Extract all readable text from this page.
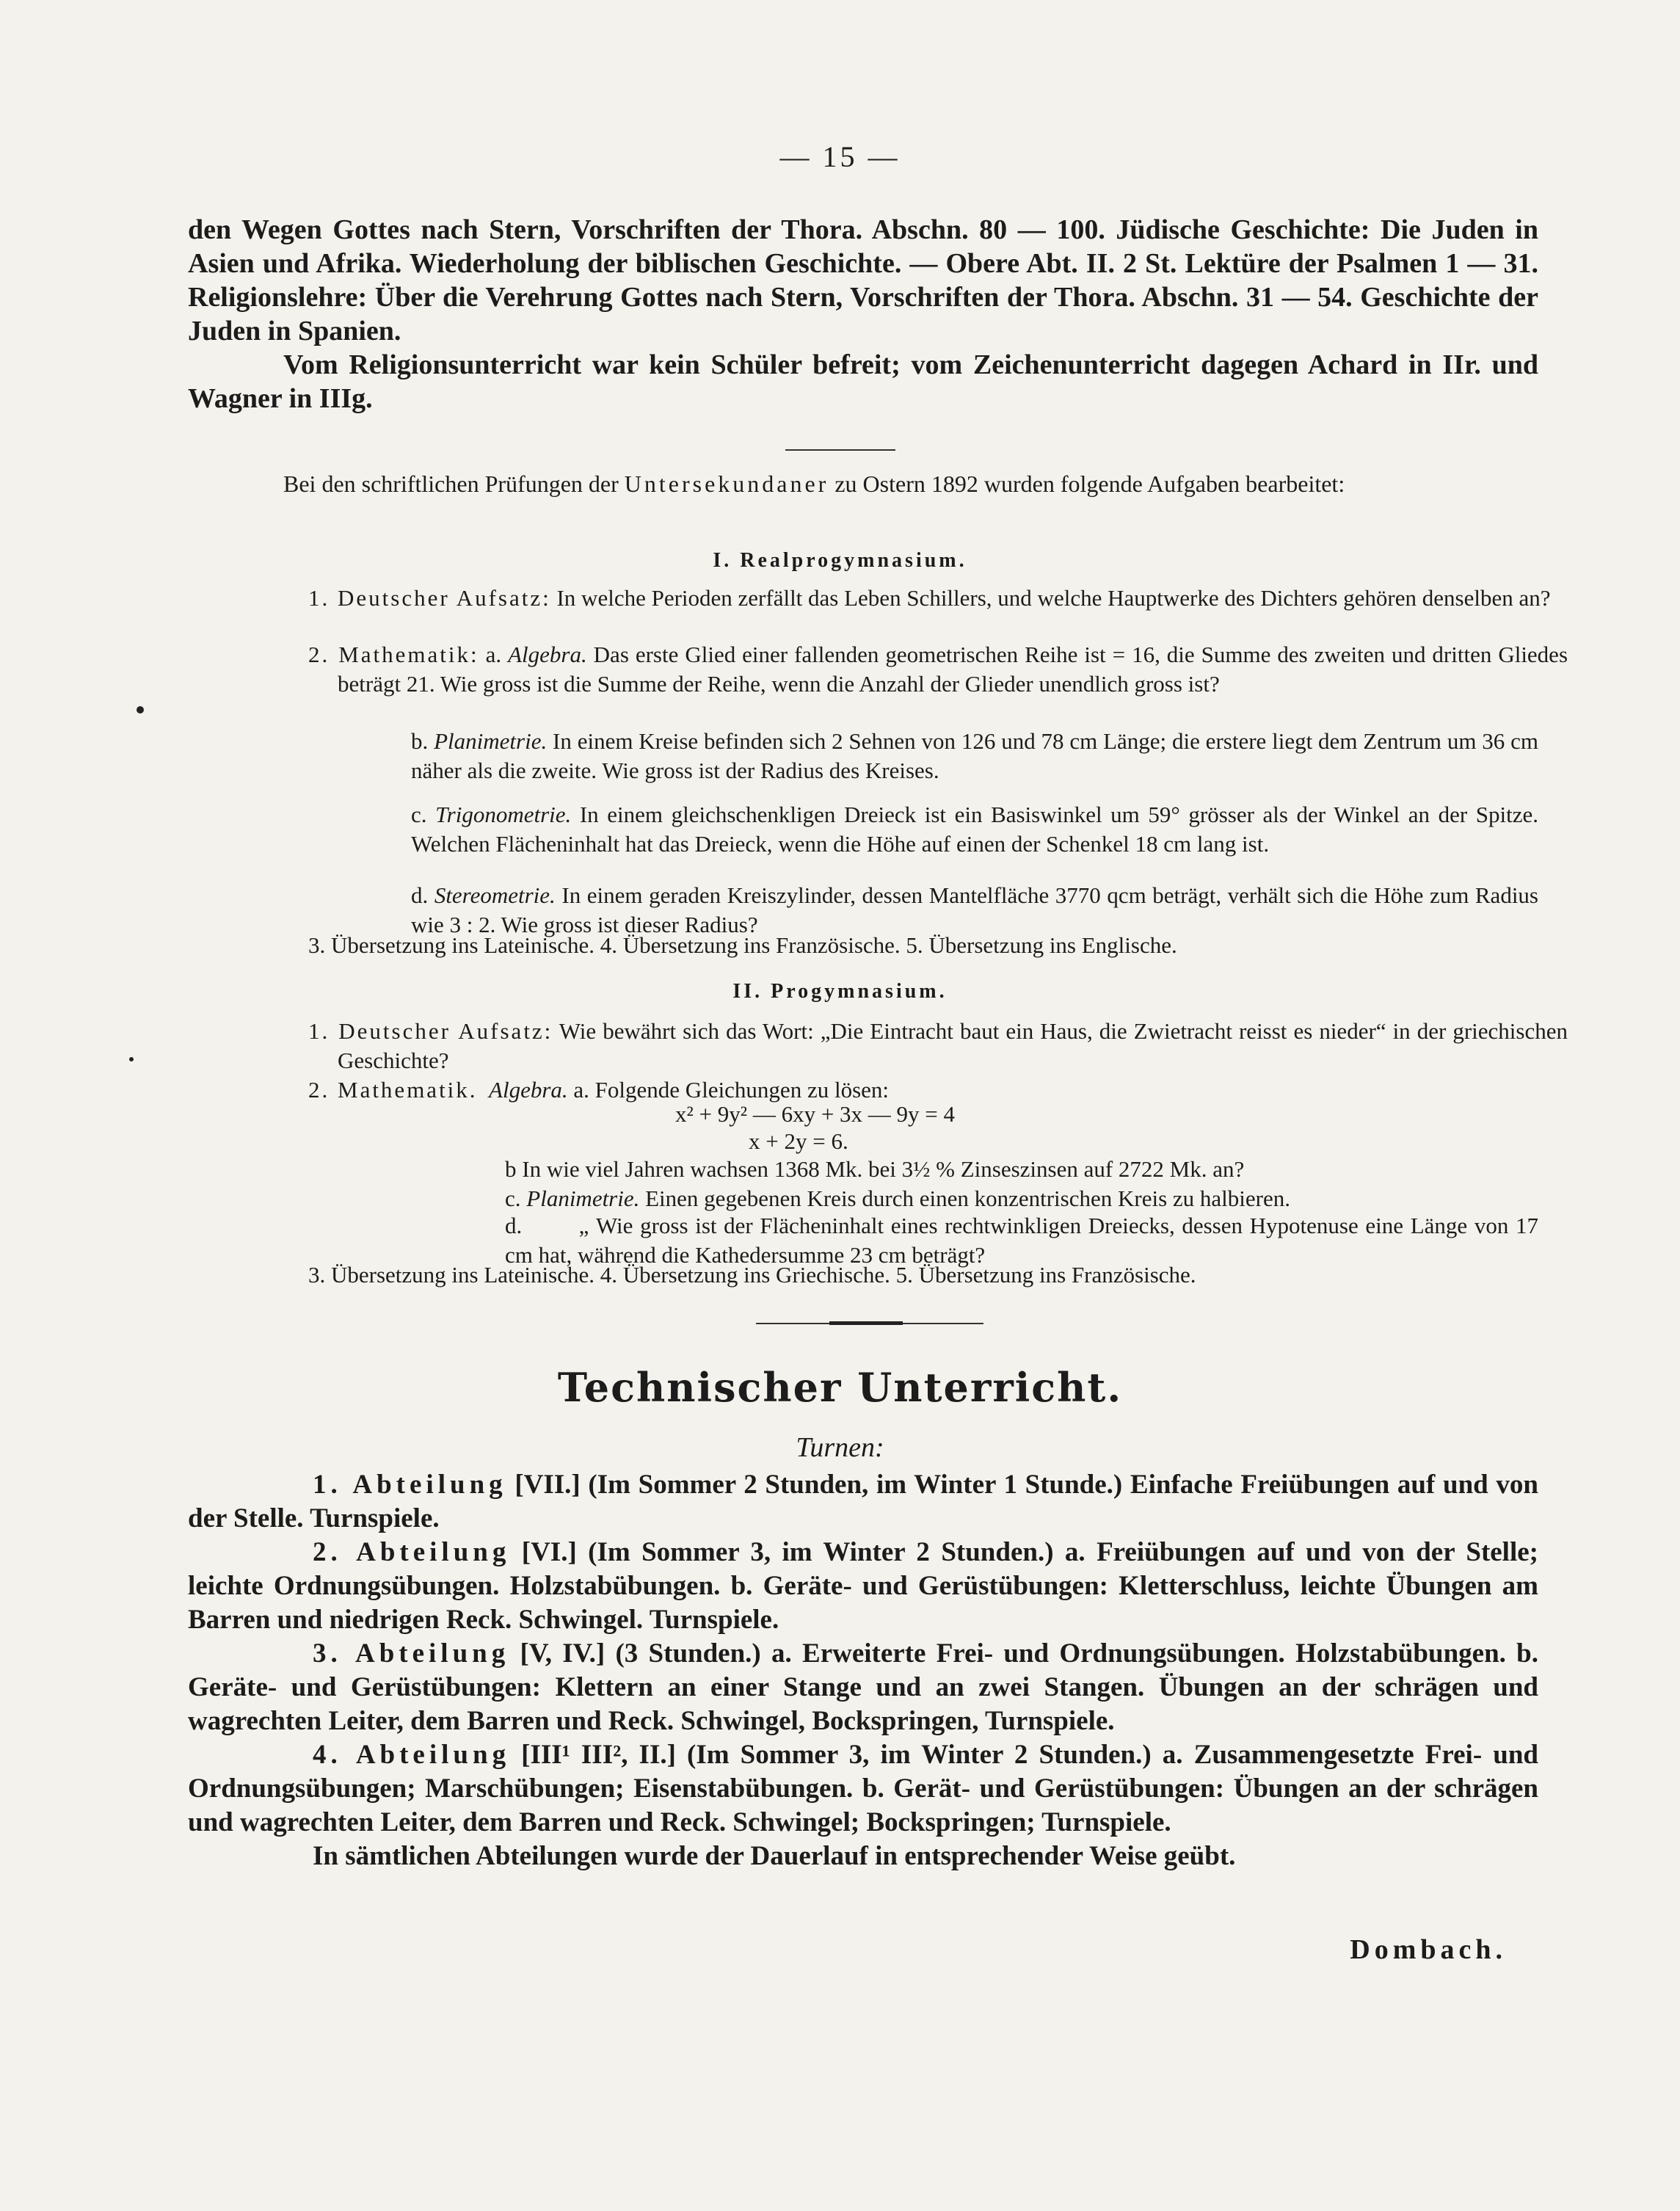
— 15 —

den Wegen Gottes nach Stern, Vorschriften der Thora. Abschn. 80 — 100. Jüdische Geschichte: Die Juden in Asien und Afrika. Wiederholung der biblischen Geschichte. — Obere Abt. II. 2 St. Lektüre der Psalmen 1 — 31. Religionslehre: Über die Verehrung Gottes nach Stern, Vorschriften der Thora. Abschn. 31 — 54. Geschichte der Juden in Spanien.

Vom Religionsunterricht war kein Schüler befreit; vom Zeichenunterricht dagegen Achard in IIr. und Wagner in IIIg.

Bei den schriftlichen Prüfungen der Untersekundaner zu Ostern 1892 wurden folgende Aufgaben bearbeitet:
I. Realprogymnasium.
1. Deutscher Aufsatz: In welche Perioden zerfällt das Leben Schillers, und welche Hauptwerke des Dichters gehören denselben an?
2. Mathematik: a. Algebra. Das erste Glied einer fallenden geometrischen Reihe ist = 16, die Summe des zweiten und dritten Gliedes beträgt 21. Wie gross ist die Summe der Reihe, wenn die Anzahl der Glieder unendlich gross ist?
b. Planimetrie. In einem Kreise befinden sich 2 Sehnen von 126 und 78 cm Länge; die erstere liegt dem Zentrum um 36 cm näher als die zweite. Wie gross ist der Radius des Kreises.
c. Trigonometrie. In einem gleichschenkligen Dreieck ist ein Basiswinkel um 59° grösser als der Winkel an der Spitze. Welchen Flächeninhalt hat das Dreieck, wenn die Höhe auf einen der Schenkel 18 cm lang ist.
d. Stereometrie. In einem geraden Kreiszylinder, dessen Mantelfläche 3770 qcm beträgt, verhält sich die Höhe zum Radius wie 3 : 2. Wie gross ist dieser Radius?
3. Übersetzung ins Lateinische. 4. Übersetzung ins Französische. 5. Übersetzung ins Englische.
II. Progymnasium.
1. Deutscher Aufsatz: Wie bewährt sich das Wort: „Die Eintracht baut ein Haus, die Zwietracht reisst es nieder“ in der griechischen Geschichte?
2. Mathematik. Algebra. a. Folgende Gleichungen zu lösen:
x² + 9y² — 6xy + 3x — 9y = 4
x + 2y = 6.
b In wie viel Jahren wachsen 1368 Mk. bei 3½ % Zinseszinsen auf 2722 Mk. an?
c. Planimetrie. Einen gegebenen Kreis durch einen konzentrischen Kreis zu halbieren.
d. „ Wie gross ist der Flächeninhalt eines rechtwinkligen Dreiecks, dessen Hypotenuse eine Länge von 17 cm hat, während die Kathedersumme 23 cm beträgt?
3. Übersetzung ins Lateinische. 4. Übersetzung ins Griechische. 5. Übersetzung ins Französische.
Technischer Unterricht.
Turnen:

1. Abteilung [VII.] (Im Sommer 2 Stunden, im Winter 1 Stunde.) Einfache Freiübungen auf und von der Stelle. Turnspiele.

2. Abteilung [VI.] (Im Sommer 3, im Winter 2 Stunden.) a. Freiübungen auf und von der Stelle; leichte Ordnungsübungen. Holzstabübungen. b. Geräte- und Gerüstübungen: Kletterschluss, leichte Übungen am Barren und niedrigen Reck. Schwingel. Turnspiele.

3. Abteilung [V, IV.] (3 Stunden.) a. Erweiterte Frei- und Ordnungsübungen. Holzstabübungen. b. Geräte- und Gerüstübungen: Klettern an einer Stange und an zwei Stangen. Übungen an der schrägen und wagrechten Leiter, dem Barren und Reck. Schwingel, Bockspringen, Turnspiele.

4. Abteilung [III¹ III², II.] (Im Sommer 3, im Winter 2 Stunden.) a. Zusammengesetzte Frei- und Ordnungsübungen; Marschübungen; Eisenstabübungen. b. Gerät- und Gerüstübungen: Übungen an der schrägen und wagrechten Leiter, dem Barren und Reck. Schwingel; Bockspringen; Turnspiele.

In sämtlichen Abteilungen wurde der Dauerlauf in entsprechender Weise geübt.

Dombach.
